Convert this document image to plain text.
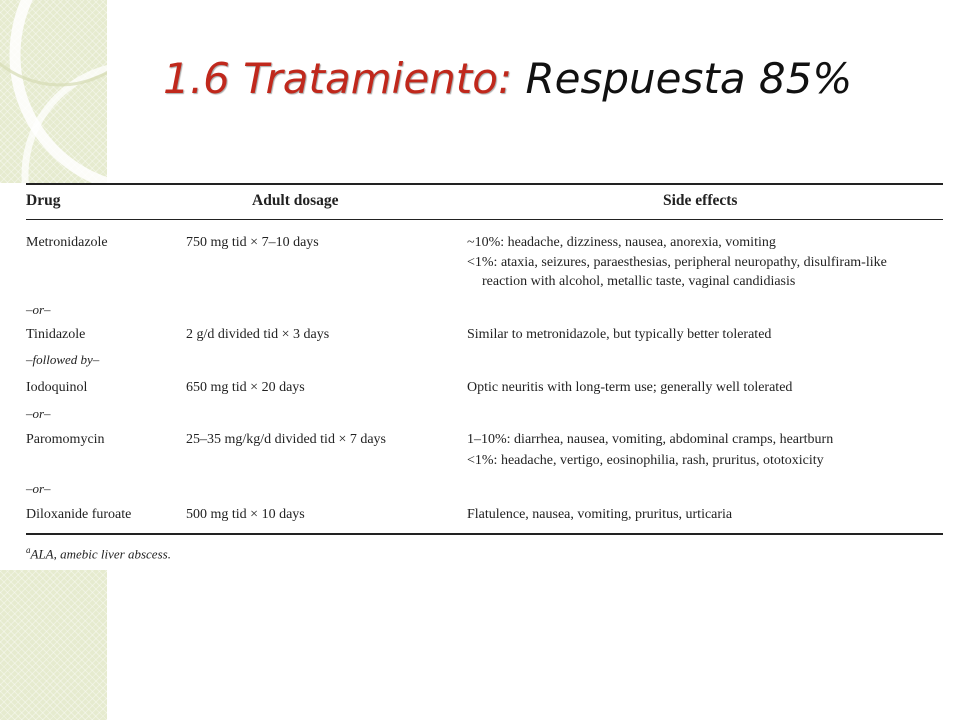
1.6 Tratamiento: Respuesta 85%
Drug	Adult dosage	Side effects
Metronidazole	750 mg tid × 7–10 days	~10%: headache, dizziness, nausea, anorexia, vomiting
<1%: ataxia, seizures, paraesthesias, peripheral neuropathy, disulfiram-like
reaction with alcohol, metallic taste, vaginal candidiasis
–or–
Tinidazole	2 g/d divided tid × 3 days	Similar to metronidazole, but typically better tolerated
–followed by–
Iodoquinol	650 mg tid × 20 days	Optic neuritis with long-term use; generally well tolerated
–or–
Paromomycin	25–35 mg/kg/d divided tid × 7 days	1–10%: diarrhea, nausea, vomiting, abdominal cramps, heartburn
<1%: headache, vertigo, eosinophilia, rash, pruritus, ototoxicity
–or–
Diloxanide furoate	500 mg tid × 10 days	Flatulence, nausea, vomiting, pruritus, urticaria
$^a$ALA, amebic liver abscess.
